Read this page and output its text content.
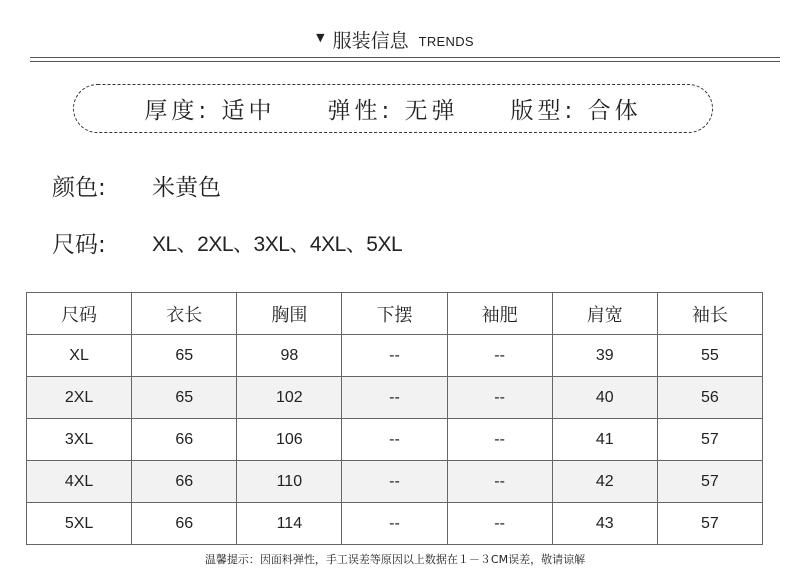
▼ 服装信息 TRENDS
厚度: 适中 弹性: 无弹 版型: 合体
颜色:	米黄色
尺码:	XL、2XL、3XL、4XL、5XL
尺码	衣长	胸围	下摆	袖肥	肩宽	袖长
XL	65	98	--	--	39	55
2XL	65	102	--	--	40	56
3XL	66	106	--	--	41	57
4XL	66	110	--	--	42	57
5XL	66	114	--	--	43	57
温馨提示：因面料弹性，手工误差等原因以上数据在１－３CM误差，敬请谅解
